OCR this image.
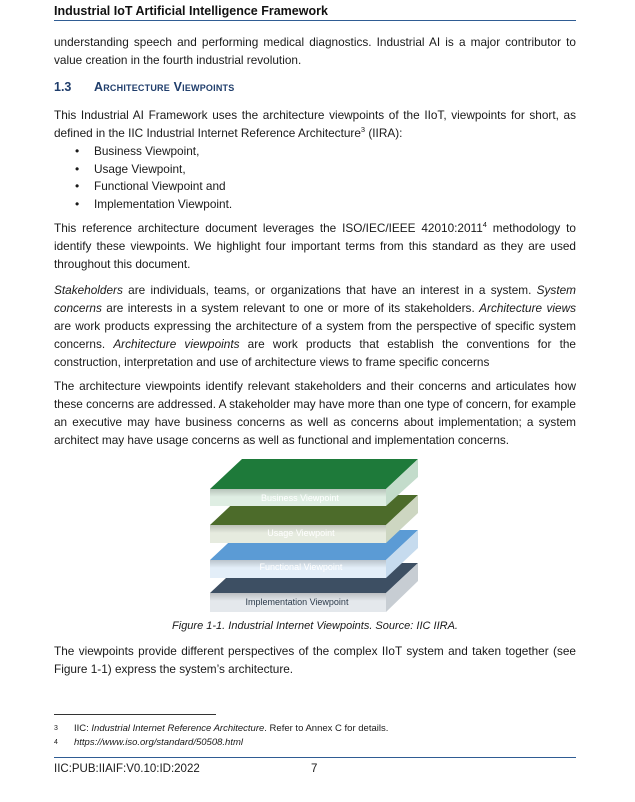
Industrial IoT Artificial Intelligence Framework

understanding speech and performing medical diagnostics. Industrial AI is a major contributor to value creation in the fourth industrial revolution.

1.3 Architecture Viewpoints

This Industrial AI Framework uses the architecture viewpoints of the IIoT, viewpoints for short, as defined in the IIC Industrial Internet Reference Architecture$^3$ (IIRA):

• Business Viewpoint,
• Usage Viewpoint,
• Functional Viewpoint and
• Implementation Viewpoint.

This reference architecture document leverages the ISO/IEC/IEEE 42010:2011$^4$ methodology to identify these viewpoints. We highlight four important terms from this standard as they are used throughout this document.

Stakeholders are individuals, teams, or organizations that have an interest in a system. System concerns are interests in a system relevant to one or more of its stakeholders. Architecture views are work products expressing the architecture of a system from the perspective of specific system concerns. Architecture viewpoints are work products that establish the conventions for the construction, interpretation and use of architecture views to frame specific concerns

The architecture viewpoints identify relevant stakeholders and their concerns and articulates how these concerns are addressed. A stakeholder may have more than one type of concern, for example an executive may have business concerns as well as concerns about implementation; a system architect may have usage concerns as well as functional and implementation concerns.

Implementation Viewpoint
Functional Viewpoint
Usage Viewpoint
Business Viewpoint
Figure 1-1. Industrial Internet Viewpoints. Source: IIC IIRA.

The viewpoints provide different perspectives of the complex IIoT system and taken together (see Figure 1-1) express the system’s architecture.

3 IIC: Industrial Internet Reference Architecture. Refer to Annex C for details.
4 https://www.iso.org/standard/50508.html
IIC:PUB:IIAIF:V0.10:ID:2022	7
